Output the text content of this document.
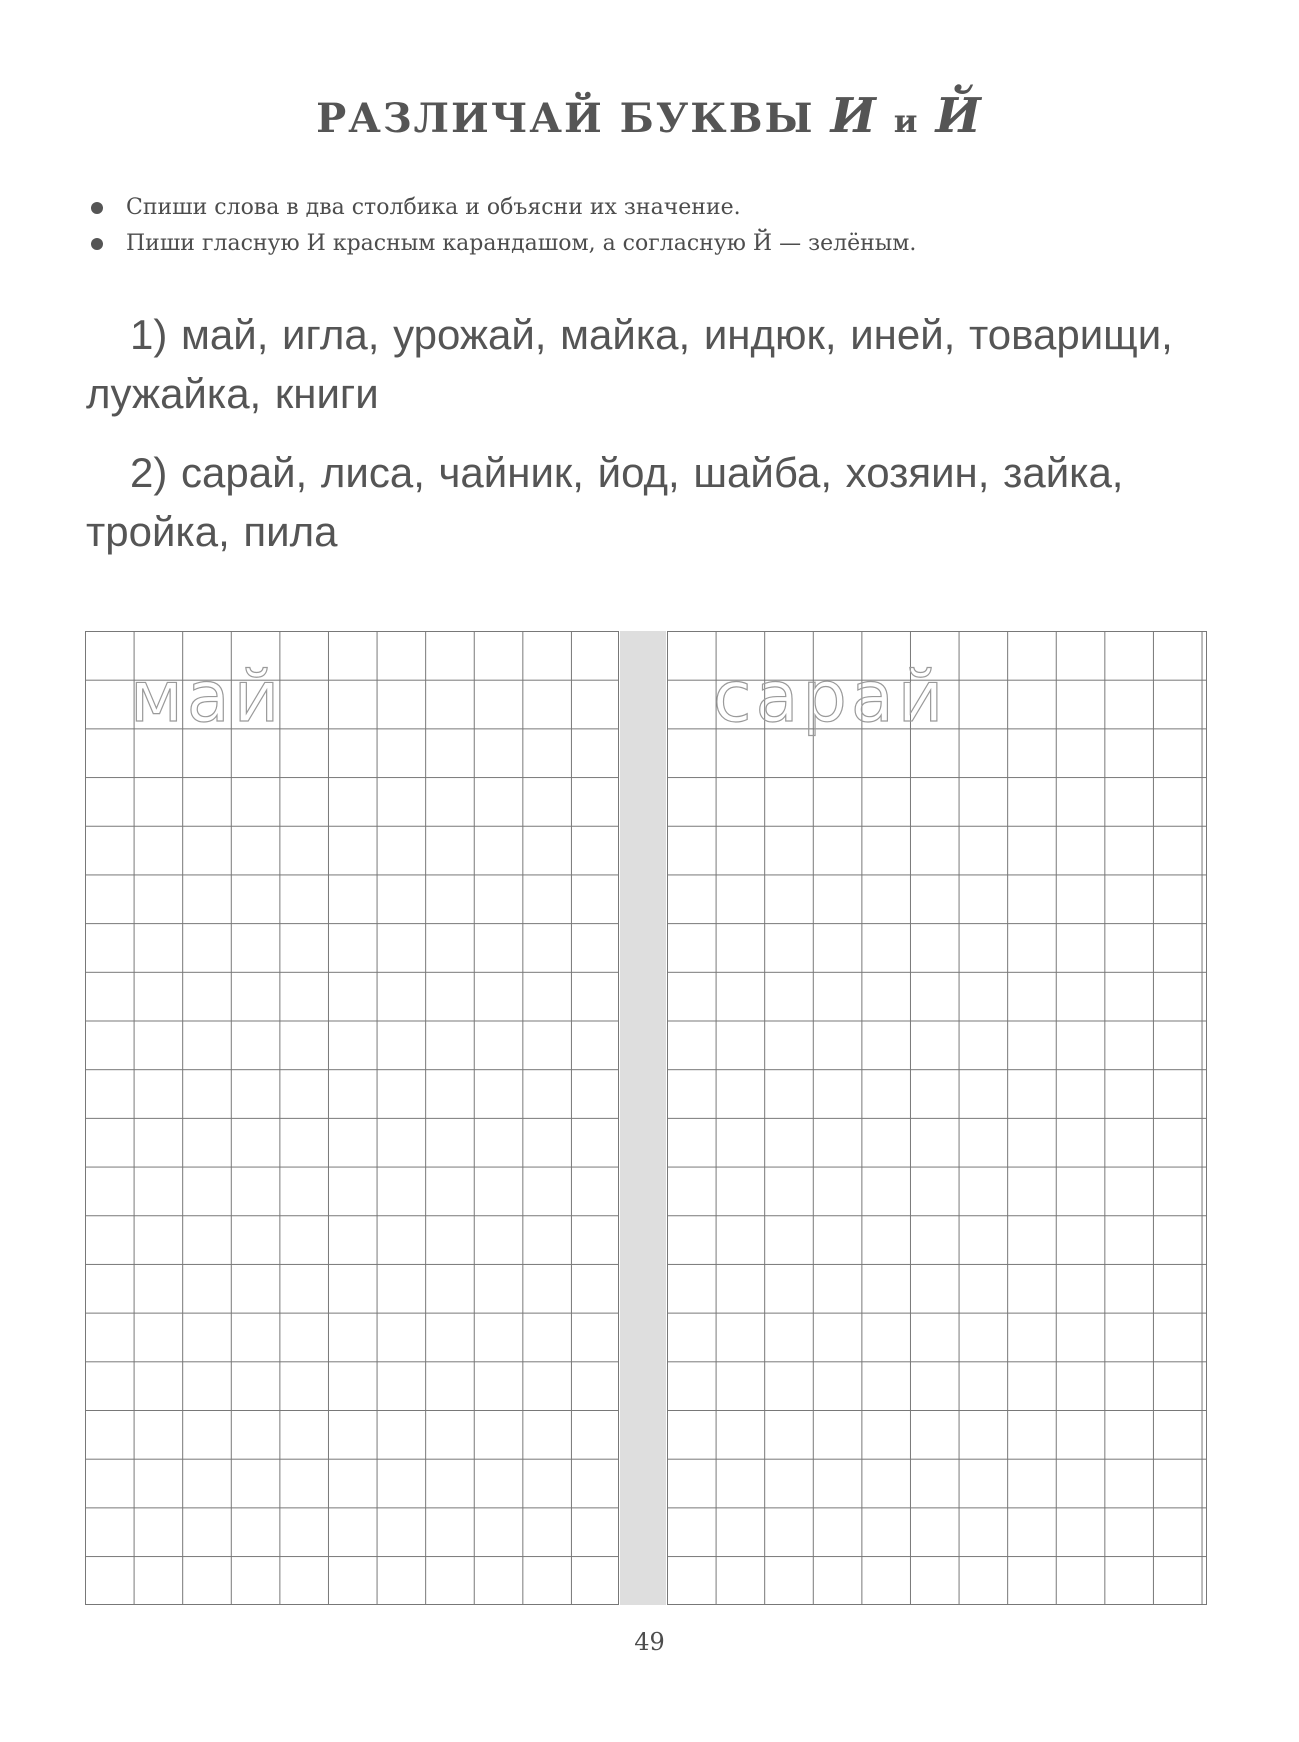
РАЗЛИЧАЙ БУКВЫ И и Й
Спиши слова в два столбика и объясни их значение.
Пиши гласную И красным карандашом, а согласную Й — зелёным.

1) май, игла, урожай, майка, индюк, иней, товарищи, лужайка, книги

2) сарай, лиса, чайник, йод, шайба, хозяин, зайка, тройка, пила

май	сарай
49
